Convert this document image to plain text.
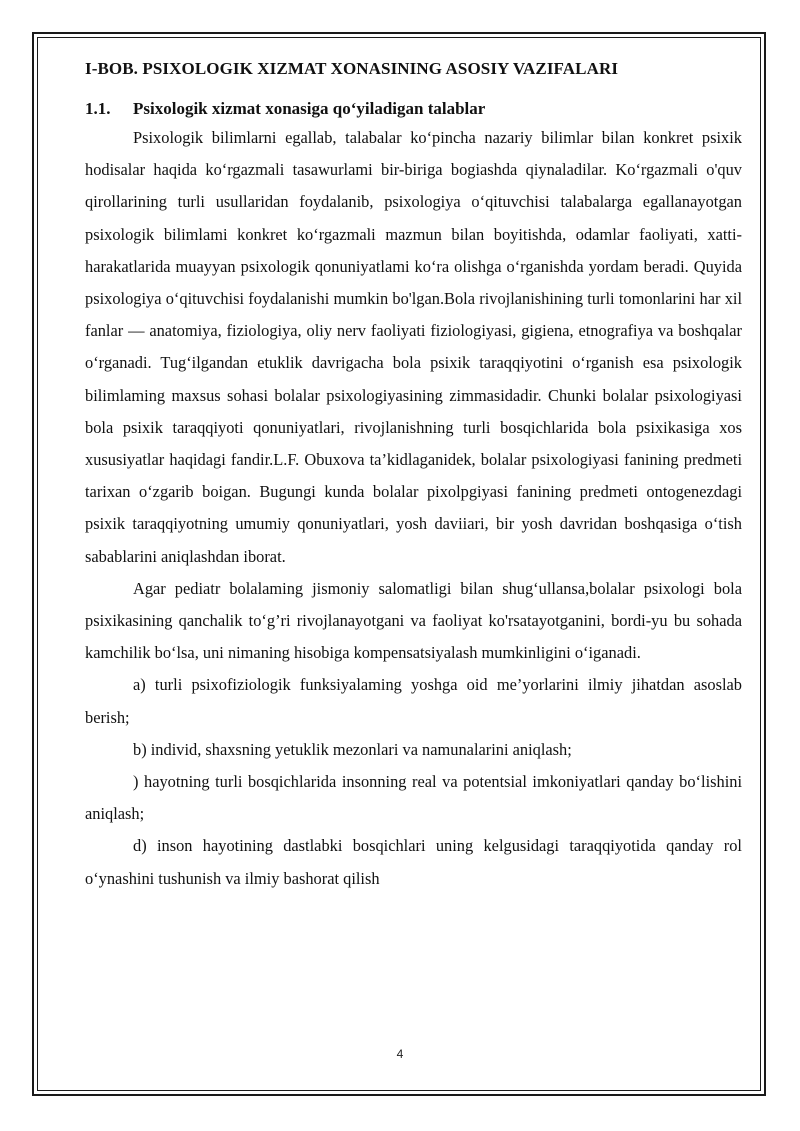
I-BOB. PSIXOLOGIK XIZMAT XONASINING ASOSIY VAZIFALARI
1.1.	Psixologik xizmat xonasiga qo‘yiladigan talablar

Psixologik bilimlarni egallab, talabalar ko‘pincha nazariy bilimlar bilan konkret psixik hodisalar haqida ko‘rgazmali tasawurlami bir-biriga bogiashda qiynaladilar. Ko‘rgazmali o'quv qirollarining turli usullaridan foydalanib, psixologiya o‘qituvchisi talabalarga egallanayotgan psixologik bilimlami konkret ko‘rgazmali mazmun bilan boyitishda, odamlar faoliyati, xatti-harakatlarida muayyan psixologik qonuniyatlami ko‘ra olishga o‘rganishda yordam beradi. Quyida psixologiya o‘qituvchisi foydalanishi mumkin bo'lgan.Bola rivojlanishining turli tomonlarini har xil fanlar — anatomiya, fiziologiya, oliy nerv faoliyati fiziologiyasi, gigiena, etnografiya va boshqalar o‘rganadi. Tug‘ilgandan etuklik davrigacha bola psixik taraqqiyotini o‘rganish esa psixologik bilimlaming maxsus sohasi bolalar psixologiyasining zimmasidadir. Chunki bolalar psixologiyasi bola psixik taraqqiyoti qonuniyatlari, rivojlanishning turli bosqichlarida bola psixikasiga xos xususiyatlar haqidagi fandir.L.F. Obuxova ta’kidlaganidek, bolalar psixologiyasi fanining predmeti tarixan o‘zgarib boigan. Bugungi kunda bolalar pixolpgiyasi fanining predmeti ontogenezdagi psixik taraqqiyotning umumiy qonuniyatlari, yosh daviiari, bir yosh davridan boshqasiga o‘tish sabablarini aniqlashdan iborat.

Agar pediatr bolalaming jismoniy salomatligi bilan shug‘ullansa,bolalar psixologi bola psixikasining qanchalik to‘g’ri rivojlanayotgani va faoliyat ko'rsatayotganini, bordi-yu bu sohada kamchilik bo‘lsa, uni nimaning hisobiga kompensatsiyalash mumkinligini o‘iganadi.

a) turli psixofiziologik funksiyalaming yoshga oid me’yorlarini ilmiy jihatdan asoslab berish;

b) individ, shaxsning yetuklik mezonlari va namunalarini aniqlash;

) hayotning turli bosqichlarida insonning real va potentsial imkoniyatlari qanday bo‘lishini aniqlash;

d) inson hayotining dastlabki bosqichlari uning kelgusidagi taraqqiyotida qanday rol o‘ynashini tushunish va ilmiy bashorat qilish

4
